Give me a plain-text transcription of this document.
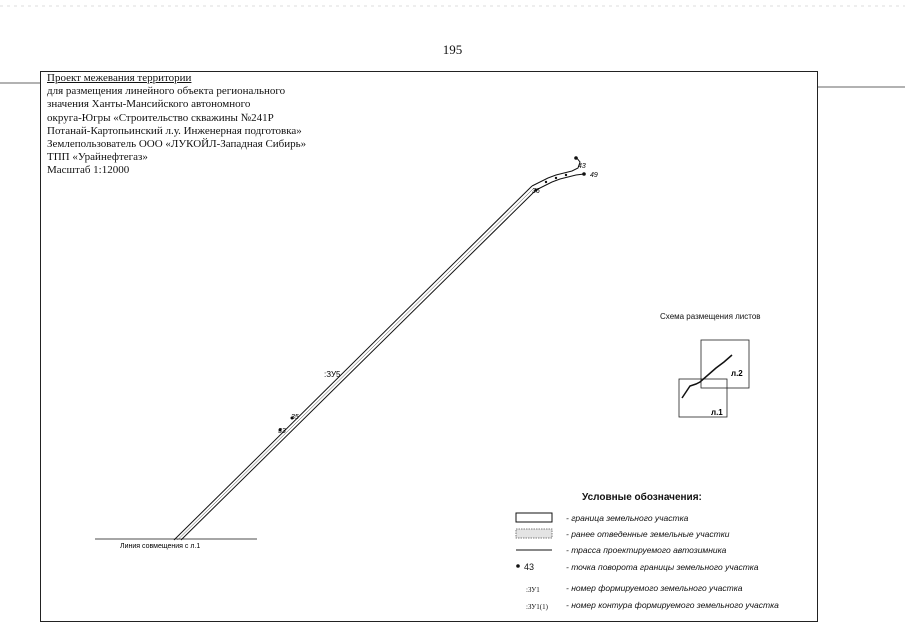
195
Проект межевания территории
для размещения линейного объекта регионального
значения Ханты-Мансийского автономного
округа-Югры «Строительство скважины №241Р
Потанай-Картопьинский л.у. Инженерная подготовка»
Землепользователь ООО «ЛУКОЙЛ-Западная Сибирь»
ТПП «Урайнефтегаз»
Масштаб 1:12000	43
49
36
35
33
:ЗУ5
Линия совмещения с л.1
л.2
л.1
Схема размещения листов
Условные обозначения:
- граница земельного участка
- ранее отведенные земельные участки
- трасса проектируемого автозимника
43	- точка поворота границы земельного участка
:ЗУ1	- номер формируемого земельного участка
:ЗУ1(1) - номер контура формируемого земельного участка
